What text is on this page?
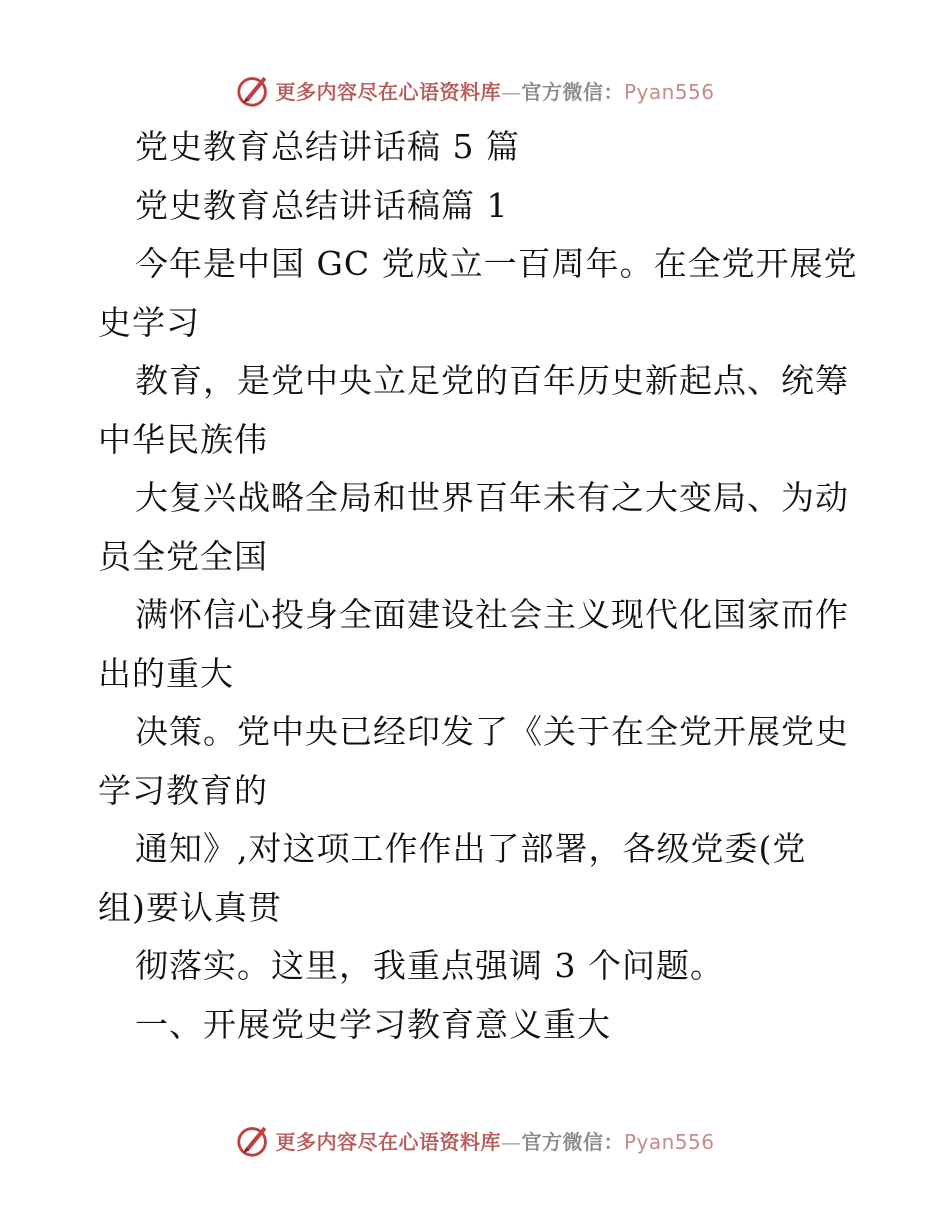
更多内容尽在心语资料库—官方微信：Pyan556
党史教育总结讲话稿 5 篇
党史教育总结讲话稿篇 1
今年是中国 GC 党成立一百周年。在全党开展党
史学习
教育，是党中央立足党的百年历史新起点、统筹
中华民族伟
大复兴战略全局和世界百年未有之大变局、为动
员全党全国
满怀信心投身全面建设社会主义现代化国家而作
出的重大
决策。党中央已经印发了《关于在全党开展党史
学习教育的
通知》,对这项工作作出了部署，各级党委(党
组)要认真贯
彻落实。这里，我重点强调 3 个问题。
一、开展党史学习教育意义重大
更多内容尽在心语资料库—官方微信：Pyan556
